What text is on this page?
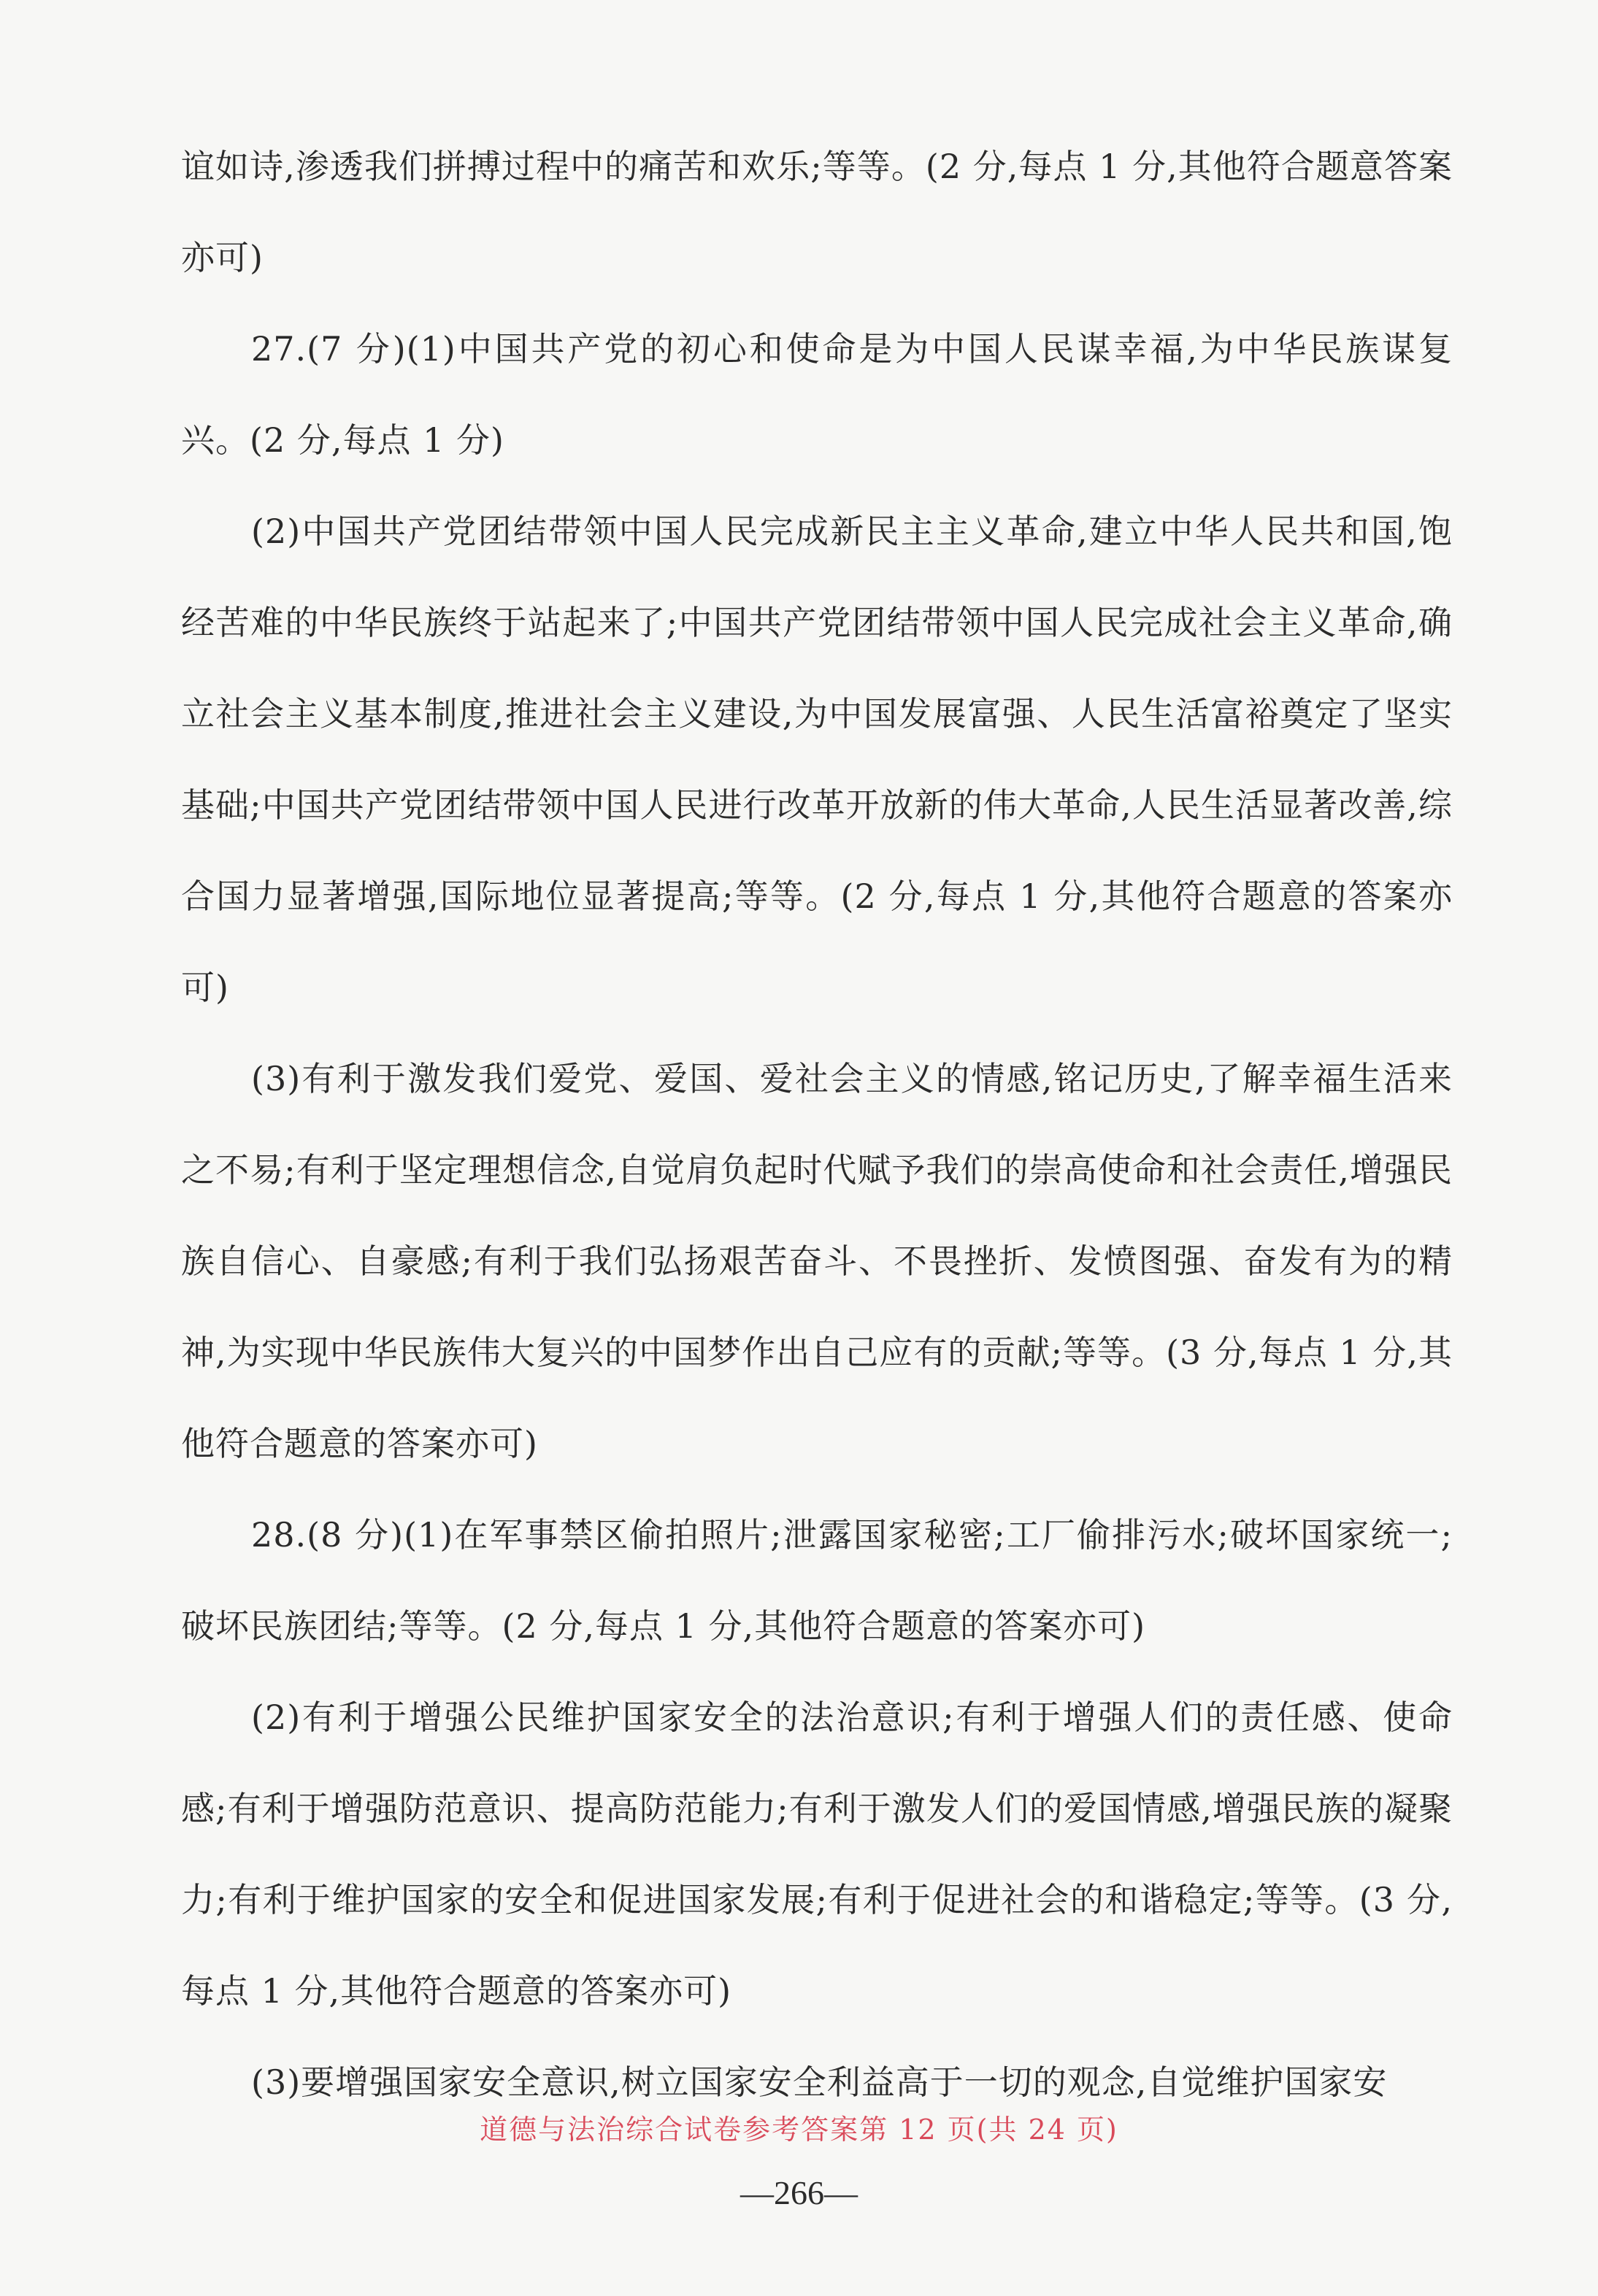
谊如诗,渗透我们拼搏过程中的痛苦和欢乐;等等。(2 分,每点 1 分,其他符合题意答案亦可)

27.(7 分)(1)中国共产党的初心和使命是为中国人民谋幸福,为中华民族谋复兴。(2 分,每点 1 分)

(2)中国共产党团结带领中国人民完成新民主主义革命,建立中华人民共和国,饱经苦难的中华民族终于站起来了;中国共产党团结带领中国人民完成社会主义革命,确立社会主义基本制度,推进社会主义建设,为中国发展富强、人民生活富裕奠定了坚实基础;中国共产党团结带领中国人民进行改革开放新的伟大革命,人民生活显著改善,综合国力显著增强,国际地位显著提高;等等。(2 分,每点 1 分,其他符合题意的答案亦可)

(3)有利于激发我们爱党、爱国、爱社会主义的情感,铭记历史,了解幸福生活来之不易;有利于坚定理想信念,自觉肩负起时代赋予我们的崇高使命和社会责任,增强民族自信心、自豪感;有利于我们弘扬艰苦奋斗、不畏挫折、发愤图强、奋发有为的精神,为实现中华民族伟大复兴的中国梦作出自己应有的贡献;等等。(3 分,每点 1 分,其他符合题意的答案亦可)

28.(8 分)(1)在军事禁区偷拍照片;泄露国家秘密;工厂偷排污水;破坏国家统一;破坏民族团结;等等。(2 分,每点 1 分,其他符合题意的答案亦可)

(2)有利于增强公民维护国家安全的法治意识;有利于增强人们的责任感、使命感;有利于增强防范意识、提高防范能力;有利于激发人们的爱国情感,增强民族的凝聚力;有利于维护国家的安全和促进国家发展;有利于促进社会的和谐稳定;等等。(3 分,每点 1 分,其他符合题意的答案亦可)

(3)要增强国家安全意识,树立国家安全利益高于一切的观念,自觉维护国家安

道德与法治综合试卷参考答案第 12 页(共 24 页)
—266—
